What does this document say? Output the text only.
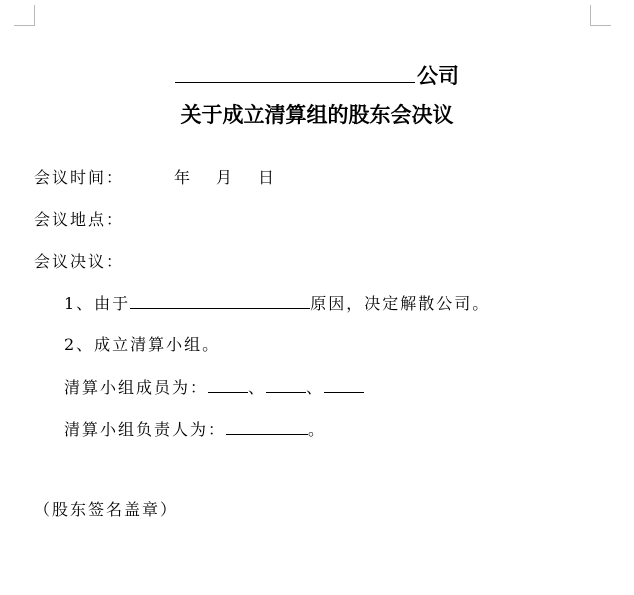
公司
关于成立清算组的股东会决议
会议时间：	年 月 日
会议地点：
会议决议：
1、由于	原因，决定解散公司。
2、成立清算小组。
清算小组成员为：	、	、
清算小组负责人为：	。
（股东签名盖章）
